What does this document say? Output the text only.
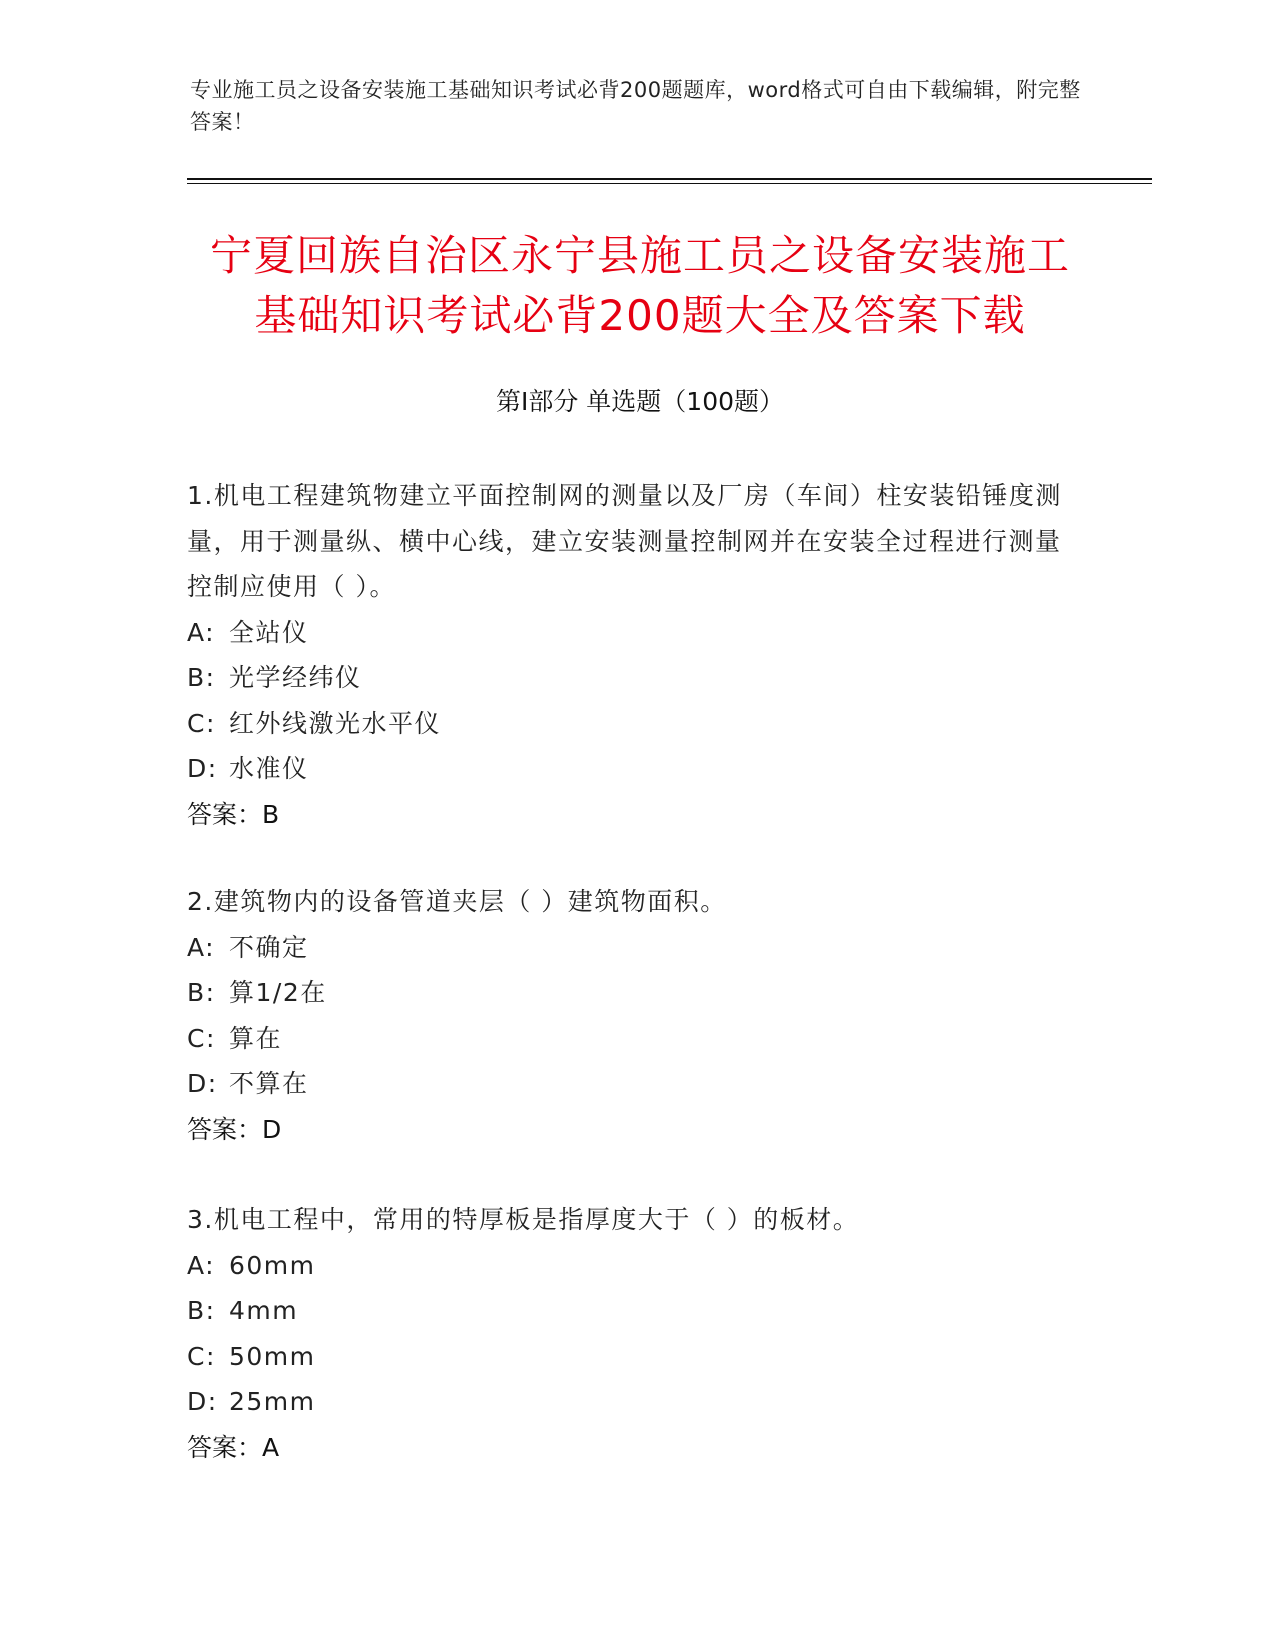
专业施工员之设备安装施工基础知识考试必背200题题库，word格式可自由下载编辑，附完整答案！
宁夏回族自治区永宁县施工员之设备安装施工基础知识考试必背200题大全及答案下载
第Ⅰ部分 单选题（100题）
1.机电工程建筑物建立平面控制网的测量以及厂房（车间）柱安装铅锤度测量，用于测量纵、横中心线，建立安装测量控制网并在安装全过程进行测量控制应使用（ ）。
A: 全站仪
B: 光学经纬仪
C: 红外线激光水平仪
D: 水准仪
答案：B
2.建筑物内的设备管道夹层（ ）建筑物面积。
A: 不确定
B: 算1/2在
C: 算在
D: 不算在
答案：D
3.机电工程中，常用的特厚板是指厚度大于（ ）的板材。
A: 60mm
B: 4mm
C: 50mm
D: 25mm
答案：A
